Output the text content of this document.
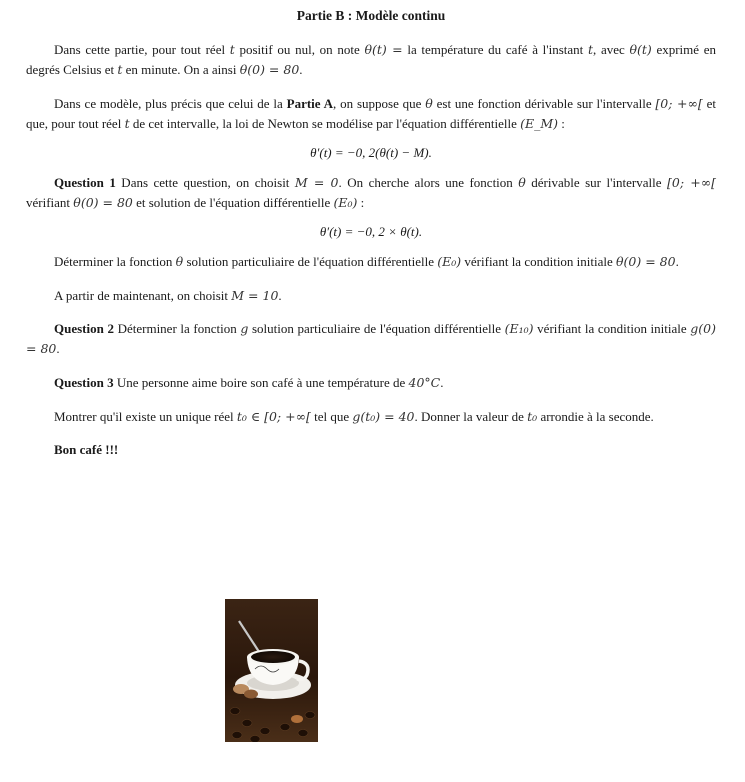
Partie B : Modèle continu

Dans cette partie, pour tout réel t positif ou nul, on note θ(t) = la température du café à l'instant t, avec θ(t) exprimé en degrés Celsius et t en minute. On a ainsi θ(0) = 80.

Dans ce modèle, plus précis que celui de la Partie A, on suppose que θ est une fonction dérivable sur l'intervalle [0; +∞[ et que, pour tout réel t de cet intervalle, la loi de Newton se modélise par l'équation différentielle (E_M) :

θ′(t) = −0, 2(θ(t) − M).

Question 1 Dans cette question, on choisit M = 0. On cherche alors une fonction θ dérivable sur l'intervalle [0; +∞[ vérifiant θ(0) = 80 et solution de l'équation différentielle (E₀) :

θ′(t) = −0, 2 × θ(t).

Déterminer la fonction θ solution particuliaire de l'équation différentielle (E₀) vérifiant la condition initiale θ(0) = 80.

A partir de maintenant, on choisit M = 10.

Question 2 Déterminer la fonction g solution particuliaire de l'équation différentielle (E₁₀) vérifiant la condition initiale g(0) = 80.

Question 3 Une personne aime boire son café à une température de 40°C.

Montrer qu'il existe un unique réel t₀ ∈ [0; +∞[ tel que g(t₀) = 40. Donner la valeur de t₀ arrondie à la seconde.

Bon café !!!
